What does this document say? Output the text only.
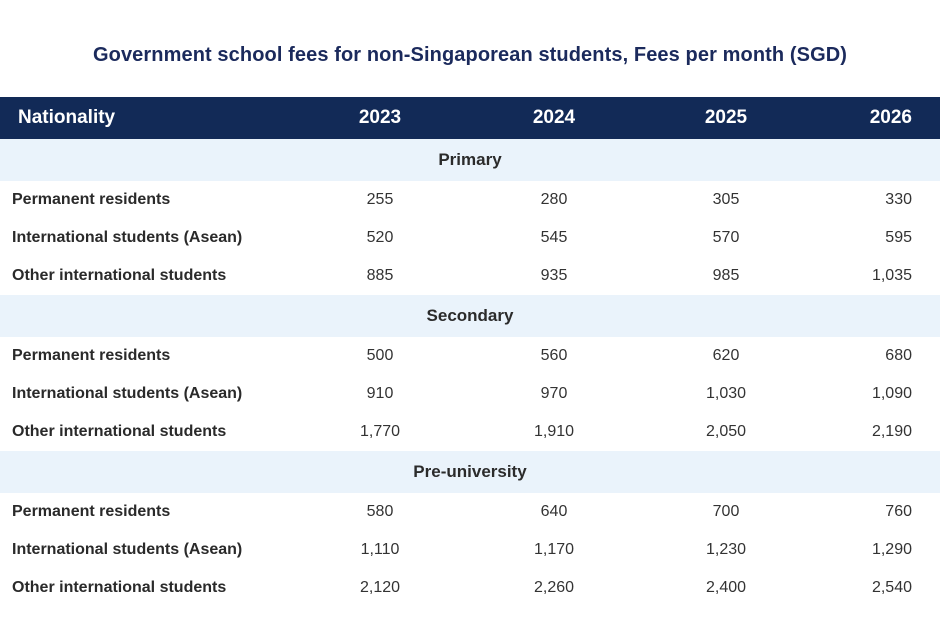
Government school fees for non-Singaporean students, Fees per month (SGD)
Nationality	2023	2024	2025	2026
Primary				
Permanent residents	255	280	305	330
International students (Asean)	520	545	570	595
Other international students	885	935	985	1,035
Secondary				
Permanent residents	500	560	620	680
International students (Asean)	910	970	1,030	1,090
Other international students	1,770	1,910	2,050	2,190
Pre-university				
Permanent residents	580	640	700	760
International students (Asean)	1,110	1,170	1,230	1,290
Other international students	2,120	2,260	2,400	2,540
